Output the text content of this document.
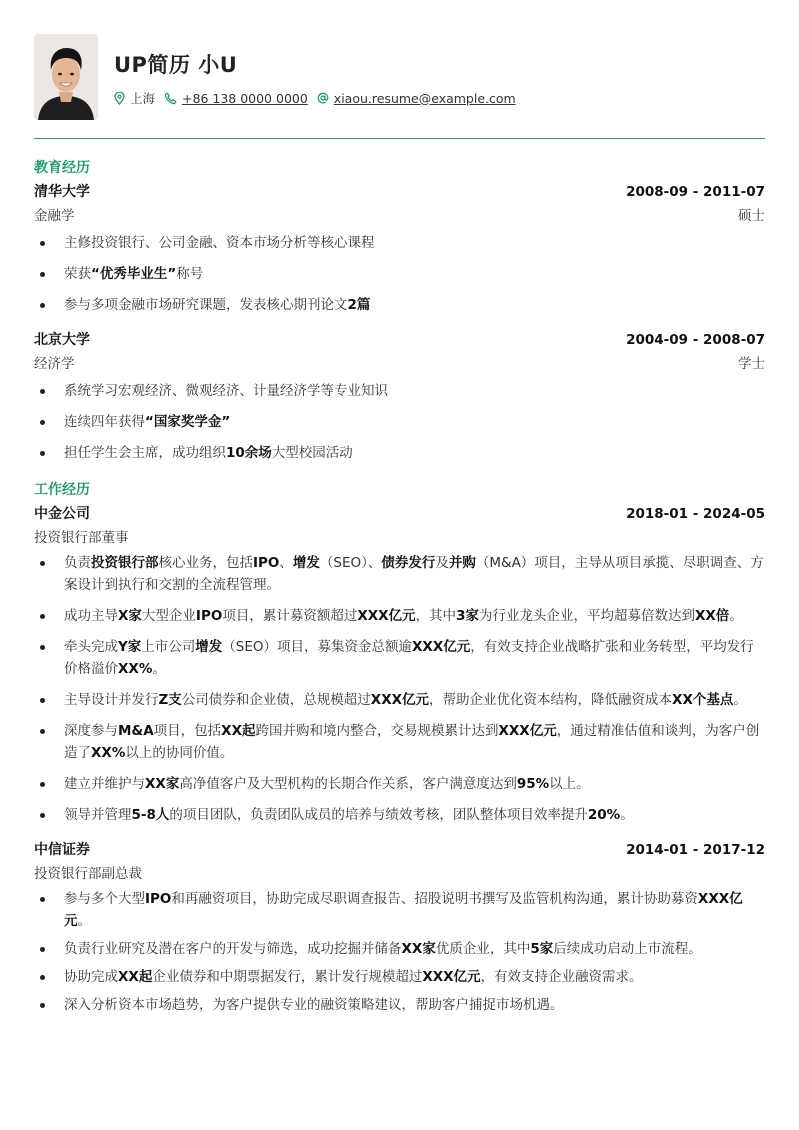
UP简历 小U
上海 +86 138 0000 0000 xiaou.resume@example.com
教育经历
清华大学	2008-09 - 2011-07
金融学	硕士
主修投资银行、公司金融、资本市场分析等核心课程
荣获“优秀毕业生”称号
参与多项金融市场研究课题，发表核心期刊论文2篇
北京大学	2004-09 - 2008-07
经济学	学士
系统学习宏观经济、微观经济、计量经济学等专业知识
连续四年获得“国家奖学金”
担任学生会主席，成功组织10余场大型校园活动
工作经历
中金公司	2018-01 - 2024-05
投资银行部董事
负责投资银行部核心业务，包括IPO、增发（SEO）、债券发行及并购（M&A）项目，主导从项目承揽、尽职调查、方案设计到执行和交割的全流程管理。
成功主导X家大型企业IPO项目，累计募资额超过XXX亿元，其中3家为行业龙头企业，平均超募倍数达到XX倍。
牵头完成Y家上市公司增发（SEO）项目，募集资金总额逾XXX亿元，有效支持企业战略扩张和业务转型，平均发行价格溢价XX%。
主导设计并发行Z支公司债券和企业债，总规模超过XXX亿元，帮助企业优化资本结构，降低融资成本XX个基点。
深度参与M&A项目，包括XX起跨国并购和境内整合，交易规模累计达到XXX亿元，通过精准估值和谈判，为客户创造了XX%以上的协同价值。
建立并维护与XX家高净值客户及大型机构的长期合作关系，客户满意度达到95%以上。
领导并管理5-8人的项目团队，负责团队成员的培养与绩效考核，团队整体项目效率提升20%。
中信证券	2014-01 - 2017-12
投资银行部副总裁
参与多个大型IPO和再融资项目，协助完成尽职调查报告、招股说明书撰写及监管机构沟通，累计协助募资XXX亿元。
负责行业研究及潜在客户的开发与筛选，成功挖掘并储备XX家优质企业，其中5家后续成功启动上市流程。
协助完成XX起企业债券和中期票据发行，累计发行规模超过XXX亿元，有效支持企业融资需求。
深入分析资本市场趋势，为客户提供专业的融资策略建议，帮助客户捕捉市场机遇。
